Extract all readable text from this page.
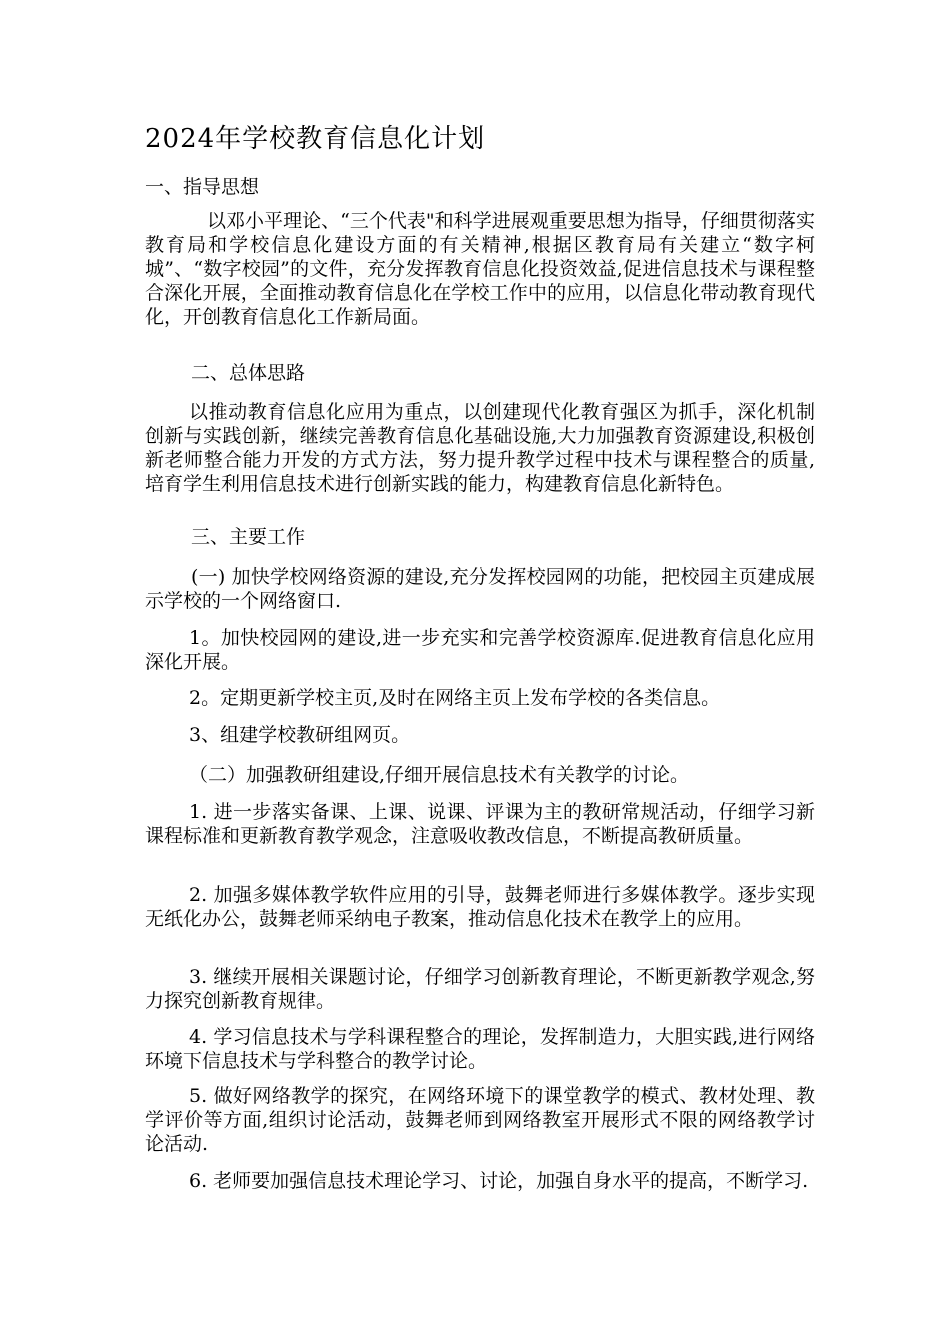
2024年学校教育信息化计划
一、指导思想
以邓小平理论、“三个代表"和科学进展观重要思想为指导，仔细贯彻落实教育局和学校信息化建设方面的有关精神,根据区教育局有关建立“数字柯城”、“数字校园”的文件，充分发挥教育信息化投资效益,促进信息技术与课程整合深化开展，全面推动教育信息化在学校工作中的应用，以信息化带动教育现代化，开创教育信息化工作新局面。
二、总体思路
以推动教育信息化应用为重点，以创建现代化教育强区为抓手，深化机制创新与实践创新，继续完善教育信息化基础设施,大力加强教育资源建设,积极创新老师整合能力开发的方式方法，努力提升教学过程中技术与课程整合的质量,培育学生利用信息技术进行创新实践的能力，构建教育信息化新特色。
三、主要工作
(一) 加快学校网络资源的建设,充分发挥校园网的功能，把校园主页建成展示学校的一个网络窗口.
1。加快校园网的建设,进一步充实和完善学校资源库.促进教育信息化应用深化开展。
2。定期更新学校主页,及时在网络主页上发布学校的各类信息。
3、组建学校教研组网页。
（二）加强教研组建设,仔细开展信息技术有关教学的讨论。
1. 进一步落实备课、上课、说课、评课为主的教研常规活动，仔细学习新课程标准和更新教育教学观念，注意吸收教改信息，不断提高教研质量。
2. 加强多媒体教学软件应用的引导，鼓舞老师进行多媒体教学。逐步实现无纸化办公，鼓舞老师采纳电子教案，推动信息化技术在教学上的应用。
3. 继续开展相关课题讨论，仔细学习创新教育理论，不断更新教学观念,努力探究创新教育规律。
4. 学习信息技术与学科课程整合的理论，发挥制造力，大胆实践,进行网络环境下信息技术与学科整合的教学讨论。
5. 做好网络教学的探究，在网络环境下的课堂教学的模式、教材处理、教学评价等方面,组织讨论活动，鼓舞老师到网络教室开展形式不限的网络教学讨论活动.
6. 老师要加强信息技术理论学习、讨论，加强自身水平的提高，不断学习.
